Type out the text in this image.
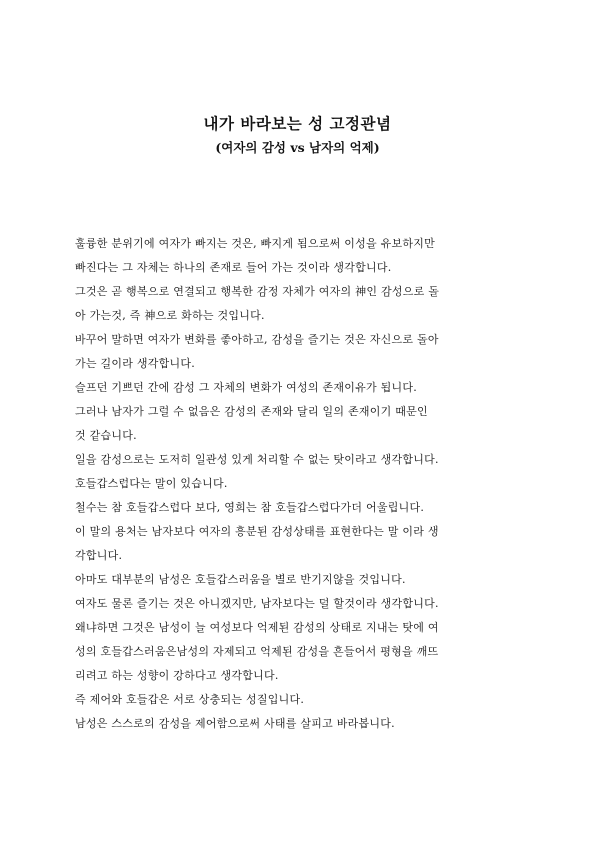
내가 바라보는 성 고정관념
(여자의 감성 vs 남자의 억제)
훌륭한 분위기에 여자가 빠지는 것은, 빠지게 됨으로써 이성을 유보하지만
빠진다는 그 자체는 하나의 존재로 들어 가는 것이라 생각합니다.
그것은 곧 행복으로 연결되고 행복한 감정 자체가 여자의 神인 감성으로 돌
아 가는것, 즉 神으로 화하는 것입니다.
바꾸어 말하면 여자가 변화를 좋아하고, 감성을 즐기는 것은 자신으로 돌아
가는 길이라 생각합니다.
슬프던 기쁘던 간에 감성 그 자체의 변화가 여성의 존재이유가 됩니다.
그러나 남자가 그럴 수 없음은 감성의 존재와 달리 일의 존재이기 때문인
것 같습니다.
일을 감성으로는 도저히 일관성 있게 처리할 수 없는 탓이라고 생각합니다.
호들갑스럽다는 말이 있습니다.
철수는 참 호들갑스럽다 보다, 영희는 참 호들갑스럽다가더 어울립니다.
이 말의 용처는 남자보다 여자의 흥분된 감성상태를 표현한다는 말 이라 생
각합니다.
아마도 대부분의 남성은 호들갑스러움을 별로 반기지않을 것입니다.
여자도 물론 즐기는 것은 아니겠지만, 남자보다는 덜 할것이라 생각합니다.
왜냐하면 그것은 남성이 늘 여성보다 억제된 감성의 상태로 지내는 탓에 여
성의 호들갑스러움은남성의 자제되고 억제된 감성을 흔들어서 평형을 깨뜨
리려고 하는 성향이 강하다고 생각합니다.
즉 제어와 호들갑은 서로 상충되는 성질입니다.
남성은 스스로의 감성을 제어함으로써 사태를 살피고 바라봅니다.
